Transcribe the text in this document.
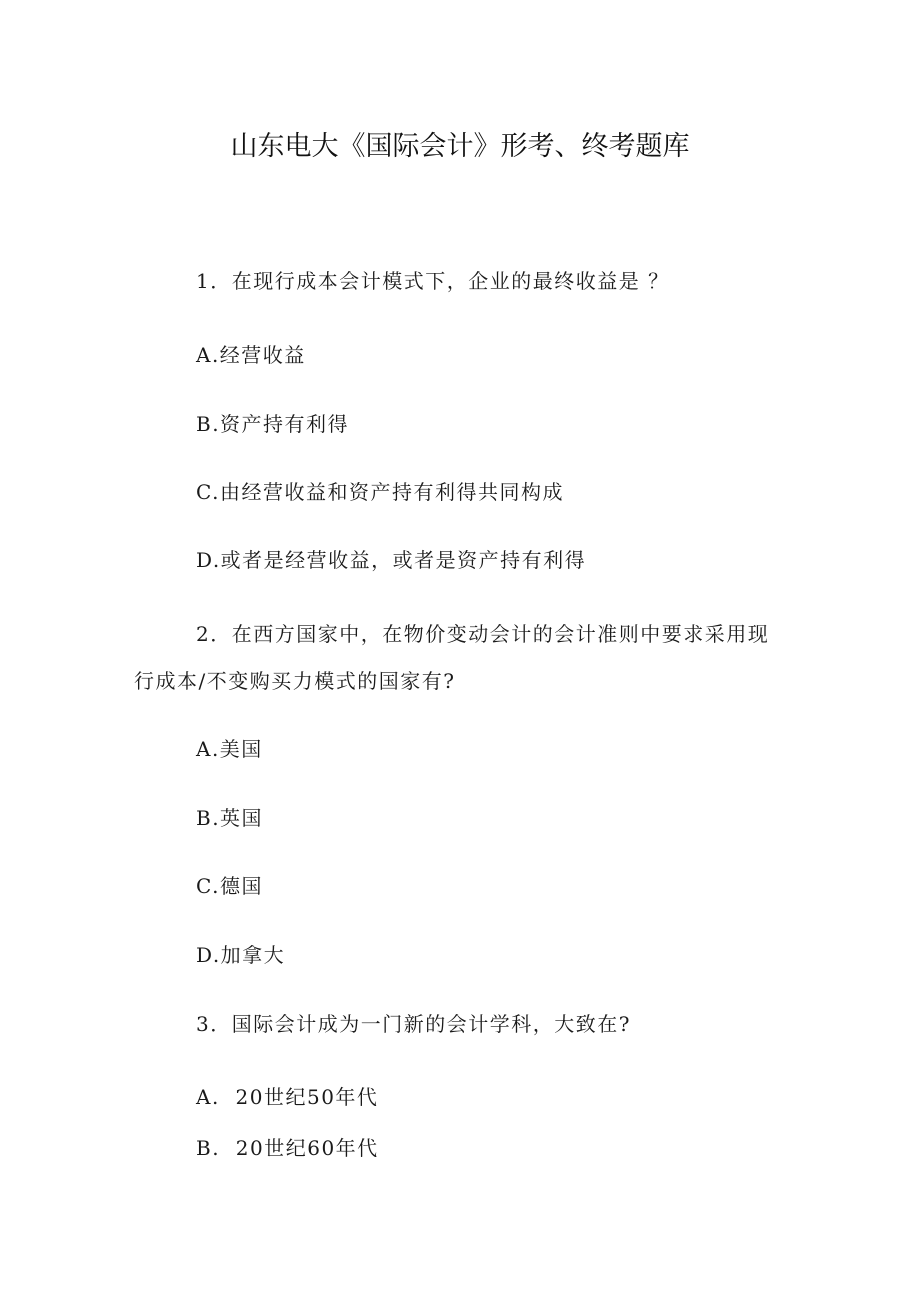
山东电大《国际会计》形考、终考题库
1．在现行成本会计模式下，企业的最终收益是 ？
A.经营收益
B.资产持有利得
C.由经营收益和资产持有利得共同构成
D.或者是经营收益，或者是资产持有利得
2．在西方国家中，在物价变动会计的会计准则中要求采用现
行成本/不变购买力模式的国家有?
A.美国
B.英国
C.德国
D.加拿大
3．国际会计成为一门新的会计学科，大致在?
A.  20世纪50年代
B.  20世纪60年代
